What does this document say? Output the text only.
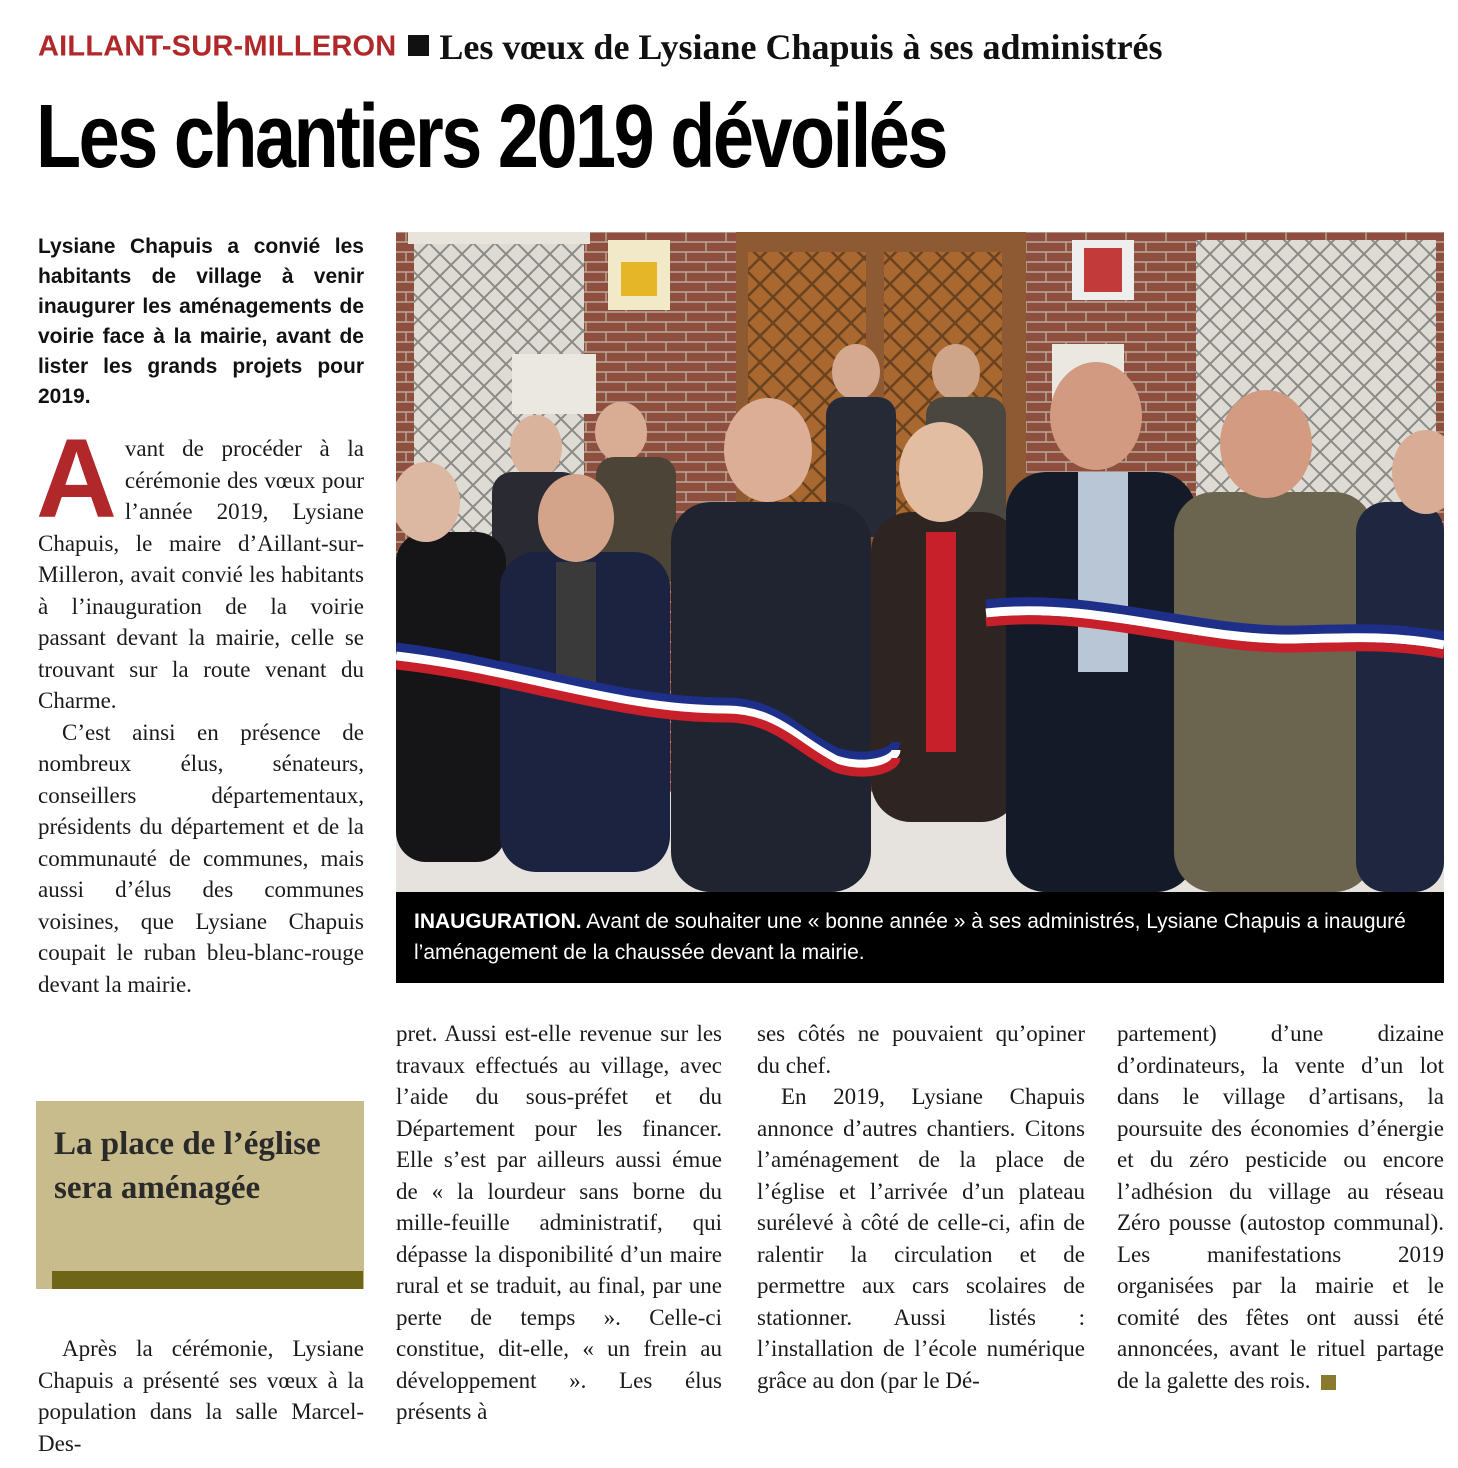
AILLANT-SUR-MILLERON Les vœux de Lysiane Chapuis à ses administrés
Les chantiers 2019 dévoilés
Lysiane Chapuis a convié les habitants de village à venir inaugurer les aménagements de voirie face à la mairie, avant de lister les grands projets pour 2019.

Avant de procéder à la cérémonie des vœux pour l’année 2019, Lysiane Chapuis, le maire d’Aillant-sur-Milleron, avait convié les habitants à l’inauguration de la voirie passant devant la mairie, celle se trouvant sur la route venant du Charme.

C’est ainsi en présence de nombreux élus, sénateurs, conseillers départementaux, présidents du département et de la communauté de communes, mais aussi d’élus des communes voisines, que Lysiane Chapuis coupait le ruban bleu-blanc-rouge devant la mairie.

La place de l’église sera aménagée

Après la cérémonie, Lysiane Chapuis a présenté ses vœux à la population dans la salle Marcel-Des-

INAUGURATION. Avant de souhaiter une « bonne année » à ses administrés, Lysiane Chapuis a inauguré l’aménagement de la chaussée devant la mairie.

pret. Aussi est-elle revenue sur les travaux effectués au village, avec l’aide du sous-préfet et du Département pour les financer. Elle s’est par ailleurs aussi émue de « la lourdeur sans borne du mille-feuille administratif, qui dépasse la disponibilité d’un maire rural et se traduit, au final, par une perte de temps ». Celle-ci constitue, dit-elle, « un frein au développement ». Les élus présents à

ses côtés ne pouvaient qu’opiner du chef.

En 2019, Lysiane Chapuis annonce d’autres chantiers. Citons l’aménagement de la place de l’église et l’arrivée d’un plateau surélevé à côté de celle-ci, afin de ralentir la circulation et de permettre aux cars scolaires de stationner. Aussi listés : l’installation de l’école numérique grâce au don (par le Dé-

partement) d’une dizaine d’ordinateurs, la vente d’un lot dans le village d’artisans, la poursuite des économies d’énergie et du zéro pesticide ou encore l’adhésion du village au réseau Zéro pousse (autostop communal). Les manifestations 2019 organisées par la mairie et le comité des fêtes ont aussi été annoncées, avant le rituel partage de la galette des rois.
